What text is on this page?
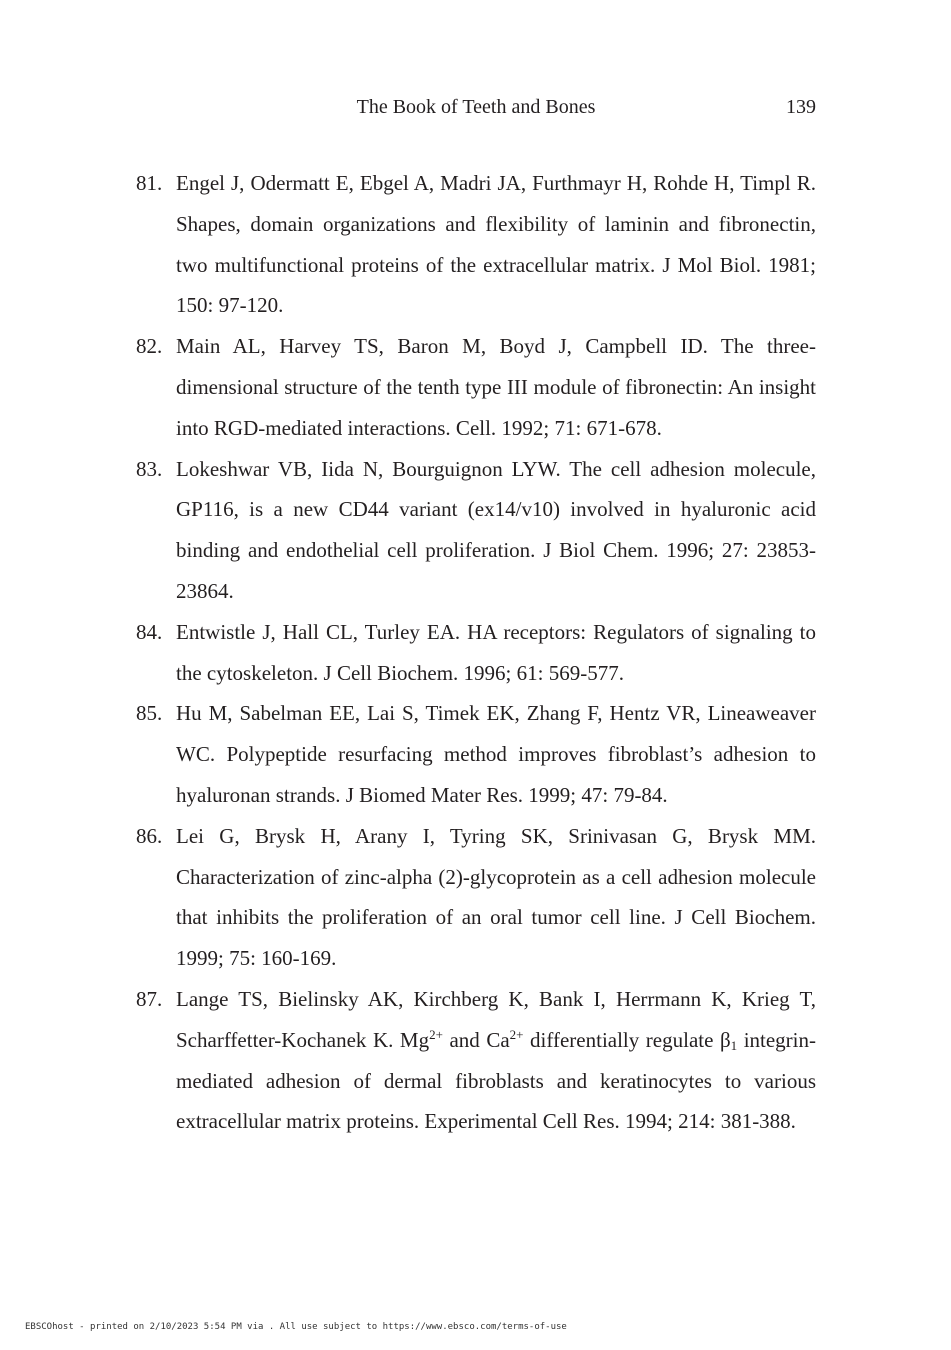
The Book of Teeth and Bones	139
81. Engel J, Odermatt E, Ebgel A, Madri JA, Furthmayr H, Rohde H, Timpl R. Shapes, domain organizations and flexibility of laminin and fibronectin, two multifunctional proteins of the extracellular matrix. J Mol Biol. 1981; 150: 97-120.
82. Main AL, Harvey TS, Baron M, Boyd J, Campbell ID. The three-dimensional structure of the tenth type III module of fibronectin: An insight into RGD-mediated interactions. Cell. 1992; 71: 671-678.
83. Lokeshwar VB, Iida N, Bourguignon LYW. The cell adhesion molecule, GP116, is a new CD44 variant (ex14/v10) involved in hyaluronic acid binding and endothelial cell proliferation. J Biol Chem. 1996; 27: 23853-23864.
84. Entwistle J, Hall CL, Turley EA. HA receptors: Regulators of signaling to the cytoskeleton. J Cell Biochem. 1996; 61: 569-577.
85. Hu M, Sabelman EE, Lai S, Timek EK, Zhang F, Hentz VR, Lineaweaver WC. Polypeptide resurfacing method improves fibroblast’s adhesion to hyaluronan strands. J Biomed Mater Res. 1999; 47: 79-84.
86. Lei G, Brysk H, Arany I, Tyring SK, Srinivasan G, Brysk MM. Characterization of zinc-alpha (2)-glycoprotein as a cell adhesion molecule that inhibits the proliferation of an oral tumor cell line. J Cell Biochem. 1999; 75: 160-169.
87. Lange TS, Bielinsky AK, Kirchberg K, Bank I, Herrmann K, Krieg T, Scharffetter-Kochanek K. $Mg^{2+}$ and $Ca^{2+}$ differentially regulate $\beta_1$ integrin-mediated adhesion of dermal fibroblasts and keratinocytes to various extracellular matrix proteins. Experimental Cell Res. 1994; 214: 381-388.
EBSCOhost - printed on 2/10/2023 5:54 PM via . All use subject to https://www.ebsco.com/terms-of-use
